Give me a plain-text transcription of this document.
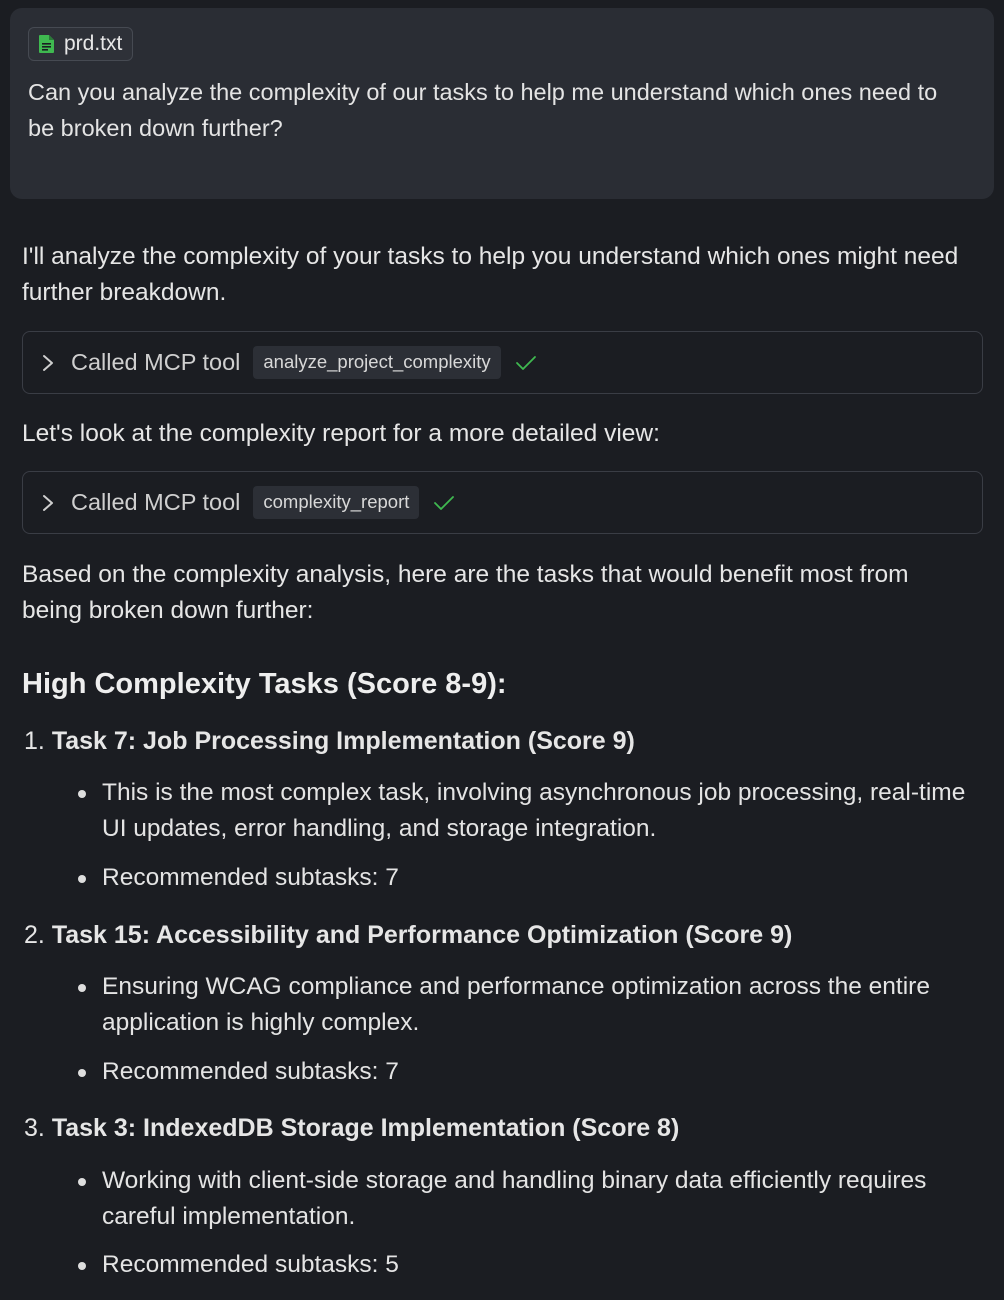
prd.txt
Can you analyze the complexity of our tasks to help me understand which ones need to be broken down further?
I'll analyze the complexity of your tasks to help you understand which ones might need further breakdown.
Called MCP tool	analyze_project_complexity
Let's look at the complexity report for a more detailed view:
Called MCP tool	complexity_report
Based on the complexity analysis, here are the tasks that would benefit most from being broken down further:
High Complexity Tasks (Score 8-9):
1. Task 7: Job Processing Implementation (Score 9)
This is the most complex task, involving asynchronous job processing, real-time UI updates, error handling, and storage integration.
Recommended subtasks: 7
2. Task 15: Accessibility and Performance Optimization (Score 9)
Ensuring WCAG compliance and performance optimization across the entire application is highly complex.
Recommended subtasks: 7
3. Task 3: IndexedDB Storage Implementation (Score 8)
Working with client-side storage and handling binary data efficiently requires careful implementation.
Recommended subtasks: 5
